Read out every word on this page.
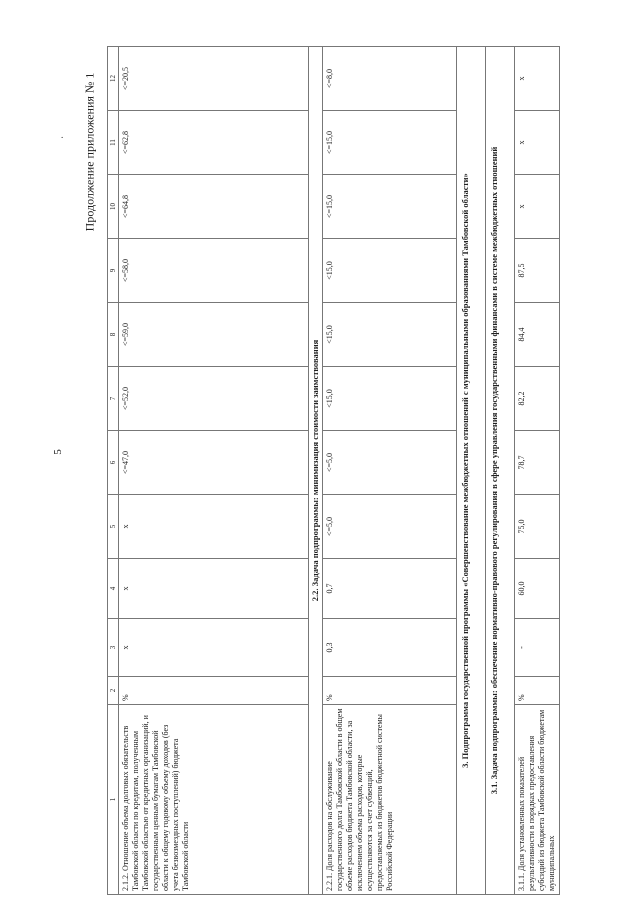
5
Продолжение приложения № 1
.
1	2	3	4	5	6	7	8	9	10	11	12
2.1.2. Отношение объема долговых обязательств Тамбовской области по кредитам, полученным Тамбовской областью от кредитных организаций, и государственным ценным бумагам Тамбовской области к общему годовому объему доходов (без учета безвозмездных поступлений) бюджета Тамбовской области	%	х	х	х	<=47,0	<=52,0	<=59,0	<=58,0	<=64,8	<=62,8	<=20,5
2.2. Задача подпрограммы: минимизация стоимости заимствования											
2.2.1. Доля расходов на обслуживание государственного долга Тамбовской области в общем объеме расходов бюджета Тамбовской области, за исключением объема расходов, которые осуществляются за счет субвенций, предоставляемых из бюджетов бюджетной системы Российской Федерации	%	0,3	0,7	<=5,0	<=5,0	<15,0	<15,0	<15,0	<=15,0	<=15,0	<=8,0
3. Подпрограмма государственной программы «Совершенствование межбюджетных отношений с муниципальными образованиями Тамбовской области»											
3.1. Задача подпрограммы: обеспечение нормативно-правового регулирования в сфере управления государственными финансами в системе межбюджетных отношений											
3.1.1. Доля установленных показателей результативности в порядках предоставления субсидий из бюджета Тамбовской области бюджетам муниципальных	%	-	60,0	75,0	78,7	82,2	84,4	87,5	х	х	х
